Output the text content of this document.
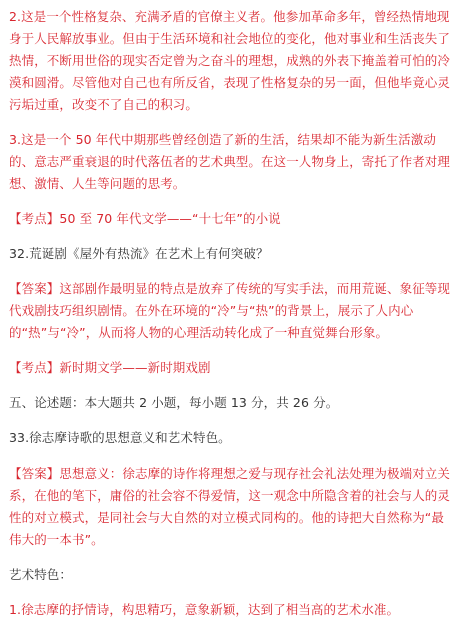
2.这是一个性格复杂、充满矛盾的官僚主义者。他参加革命多年，曾经热情地现身于人民解放事业。但由于生活环境和社会地位的变化，他对事业和生活丧失了热情，不断用世俗的现实否定曾为之奋斗的理想，成熟的外表下掩盖着可怕的冷漠和圆滑。尽管他对自己也有所反省，表现了性格复杂的另一面，但他毕竟心灵污垢过重，改变不了自己的积习。

3.这是一个 50 年代中期那些曾经创造了新的生活，结果却不能为新生活激动的、意志严重衰退的时代落伍者的艺术典型。在这一人物身上，寄托了作者对理想、激情、人生等问题的思考。

【考点】50 至 70 年代文学——“十七年”的小说

32.荒诞剧《屋外有热流》在艺术上有何突破？

【答案】这部剧作最明显的特点是放弃了传统的写实手法，而用荒诞、象征等现代戏剧技巧组织剧情。在外在环境的“冷”与“热”的背景上，展示了人内心的“热”与“冷”，从而将人物的心理活动转化成了一种直觉舞台形象。

【考点】新时期文学——新时期戏剧

五、论述题：本大题共 2 小题，每小题 13 分，共 26 分。

33.徐志摩诗歌的思想意义和艺术特色。

【答案】思想意义：徐志摩的诗作将理想之爱与现存社会礼法处理为极端对立关系，在他的笔下，庸俗的社会容不得爱情，这一观念中所隐含着的社会与人的灵性的对立模式，是同社会与大自然的对立模式同构的。他的诗把大自然称为“最伟大的一本书”。

艺术特色：

1.徐志摩的抒情诗，构思精巧，意象新颖，达到了相当高的艺术水准。
